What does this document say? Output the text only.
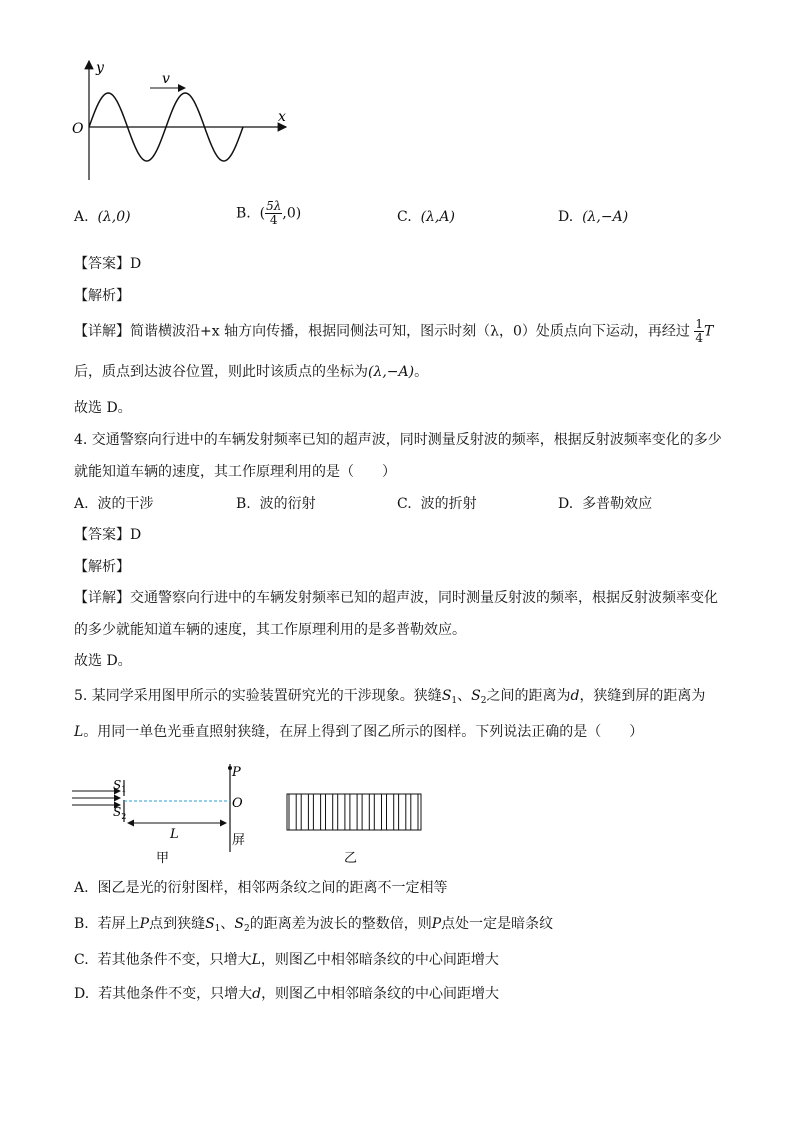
y
x
O
v
A. (λ,0)	B. ( $\frac{5\lambda}{4} ,0$)	C. (λ,A)	D. (λ,−A)
【答案】D
【解析】
【详解】简谐横波沿+x 轴方向传播，根据同侧法可知，图示时刻（λ，0）处质点向下运动，再经过 $\frac{1}{4}$ T
后，质点到达波谷位置，则此时该质点的坐标为(λ,−A)。
故选 D。
4. 交通警察向行进中的车辆发射频率已知的超声波，同时测量反射波的频率，根据反射波频率变化的多少
就能知道车辆的速度，其工作原理利用的是（　　）
A. 波的干涉	B. 波的衍射	C. 波的折射	D. 多普勒效应
【答案】D
【解析】
【详解】交通警察向行进中的车辆发射频率已知的超声波，同时测量反射波的频率，根据反射波频率变化
的多少就能知道车辆的速度，其工作原理利用的是多普勒效应。
故选 D。
5. 某同学采用图甲所示的实验装置研究光的干涉现象。狭缝$S_1$、$S_2$之间的距离为d，狭缝到屏的距离为
L。用同一单色光垂直照射狭缝，在屏上得到了图乙所示的图样。下列说法正确的是（　　）
$S_1$
$S_2$
P
O
L	屏
甲	乙
A. 图乙是光的衍射图样，相邻两条纹之间的距离不一定相等
B. 若屏上P点到狭缝$S_1$、$S_2$的距离差为波长的整数倍，则P点处一定是暗条纹
C. 若其他条件不变，只增大L，则图乙中相邻暗条纹的中心间距增大
D. 若其他条件不变，只增大d，则图乙中相邻暗条纹的中心间距增大
